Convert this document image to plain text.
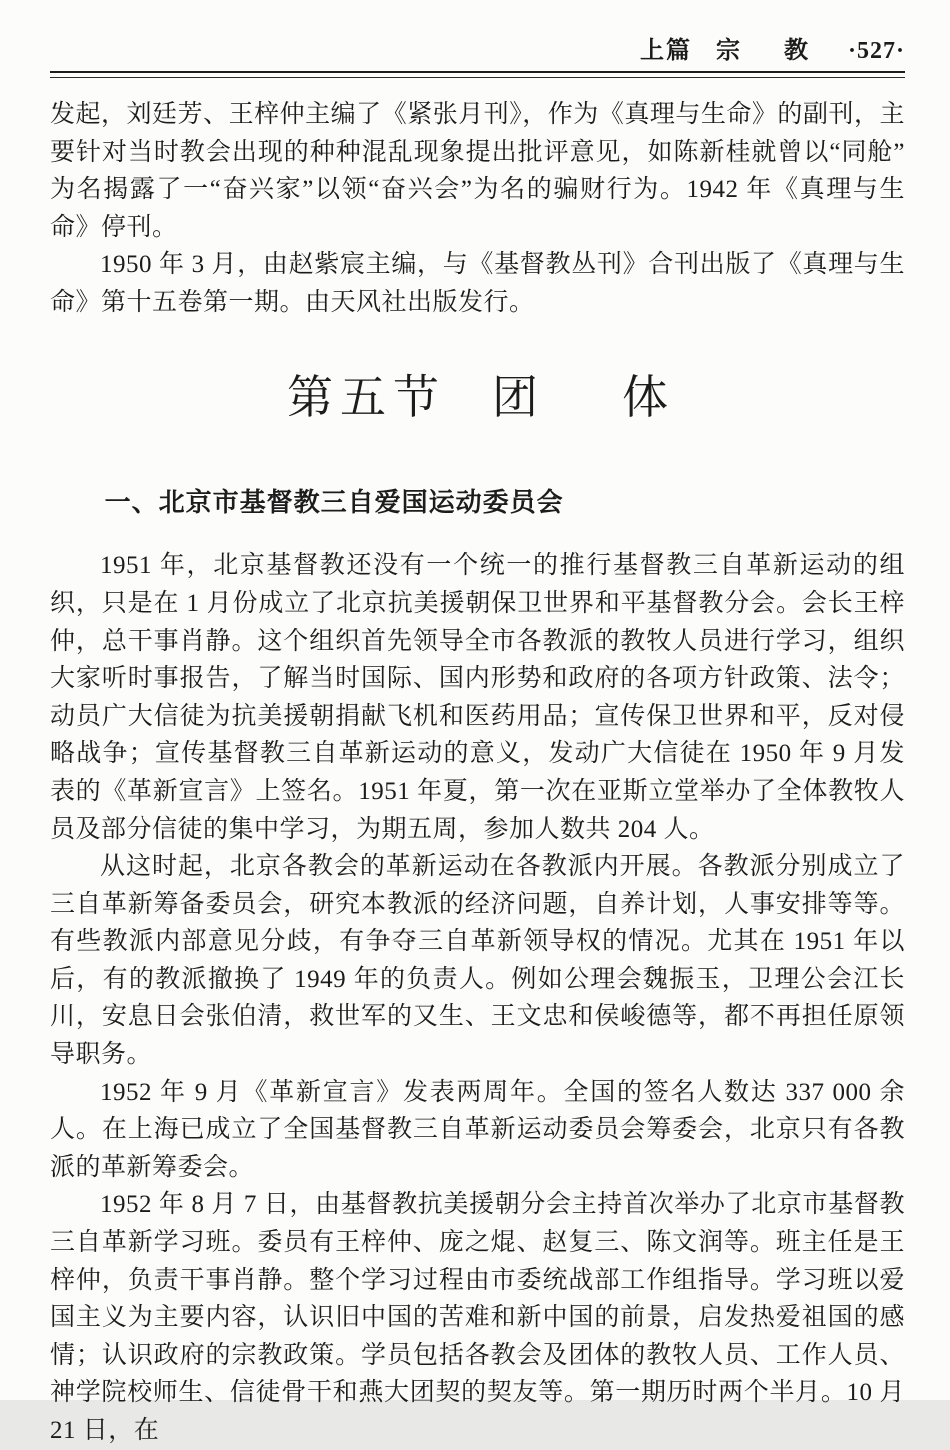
上篇 宗　教 ·527·

发起，刘廷芳、王梓仲主编了《紧张月刊》，作为《真理与生命》的副刊，主要针对当时教会出现的种种混乱现象提出批评意见，如陈新桂就曾以“同舱”为名揭露了一“奋兴家”以领“奋兴会”为名的骗财行为。1942 年《真理与生命》停刊。

1950 年 3 月，由赵紫宸主编，与《基督教丛刊》合刊出版了《真理与生命》第十五卷第一期。由天风社出版发行。

第五节 团 体
一、北京市基督教三自爱国运动委员会

1951 年，北京基督教还没有一个统一的推行基督教三自革新运动的组织，只是在 1 月份成立了北京抗美援朝保卫世界和平基督教分会。会长王梓仲，总干事肖静。这个组织首先领导全市各教派的教牧人员进行学习，组织大家听时事报告，了解当时国际、国内形势和政府的各项方针政策、法令；动员广大信徒为抗美援朝捐献飞机和医药用品；宣传保卫世界和平，反对侵略战争；宣传基督教三自革新运动的意义，发动广大信徒在 1950 年 9 月发表的《革新宣言》上签名。1951 年夏，第一次在亚斯立堂举办了全体教牧人员及部分信徒的集中学习，为期五周，参加人数共 204 人。

从这时起，北京各教会的革新运动在各教派内开展。各教派分别成立了三自革新筹备委员会，研究本教派的经济问题，自养计划，人事安排等等。有些教派内部意见分歧，有争夺三自革新领导权的情况。尤其在 1951 年以后，有的教派撤换了 1949 年的负责人。例如公理会魏振玉，卫理公会江长川，安息日会张伯清，救世军的又生、王文忠和侯峻德等，都不再担任原领导职务。

1952 年 9 月《革新宣言》发表两周年。全国的签名人数达 337 000 余人。在上海已成立了全国基督教三自革新运动委员会筹委会，北京只有各教派的革新筹委会。

1952 年 8 月 7 日，由基督教抗美援朝分会主持首次举办了北京市基督教三自革新学习班。委员有王梓仲、庞之焜、赵复三、陈文润等。班主任是王梓仲，负责干事肖静。整个学习过程由市委统战部工作组指导。学习班以爱国主义为主要内容，认识旧中国的苦难和新中国的前景，启发热爱祖国的感情；认识政府的宗教政策。学员包括各教会及团体的教牧人员、工作人员、神学院校师生、信徒骨干和燕大团契的契友等。第一期历时两个半月。10 月 21 日，在
